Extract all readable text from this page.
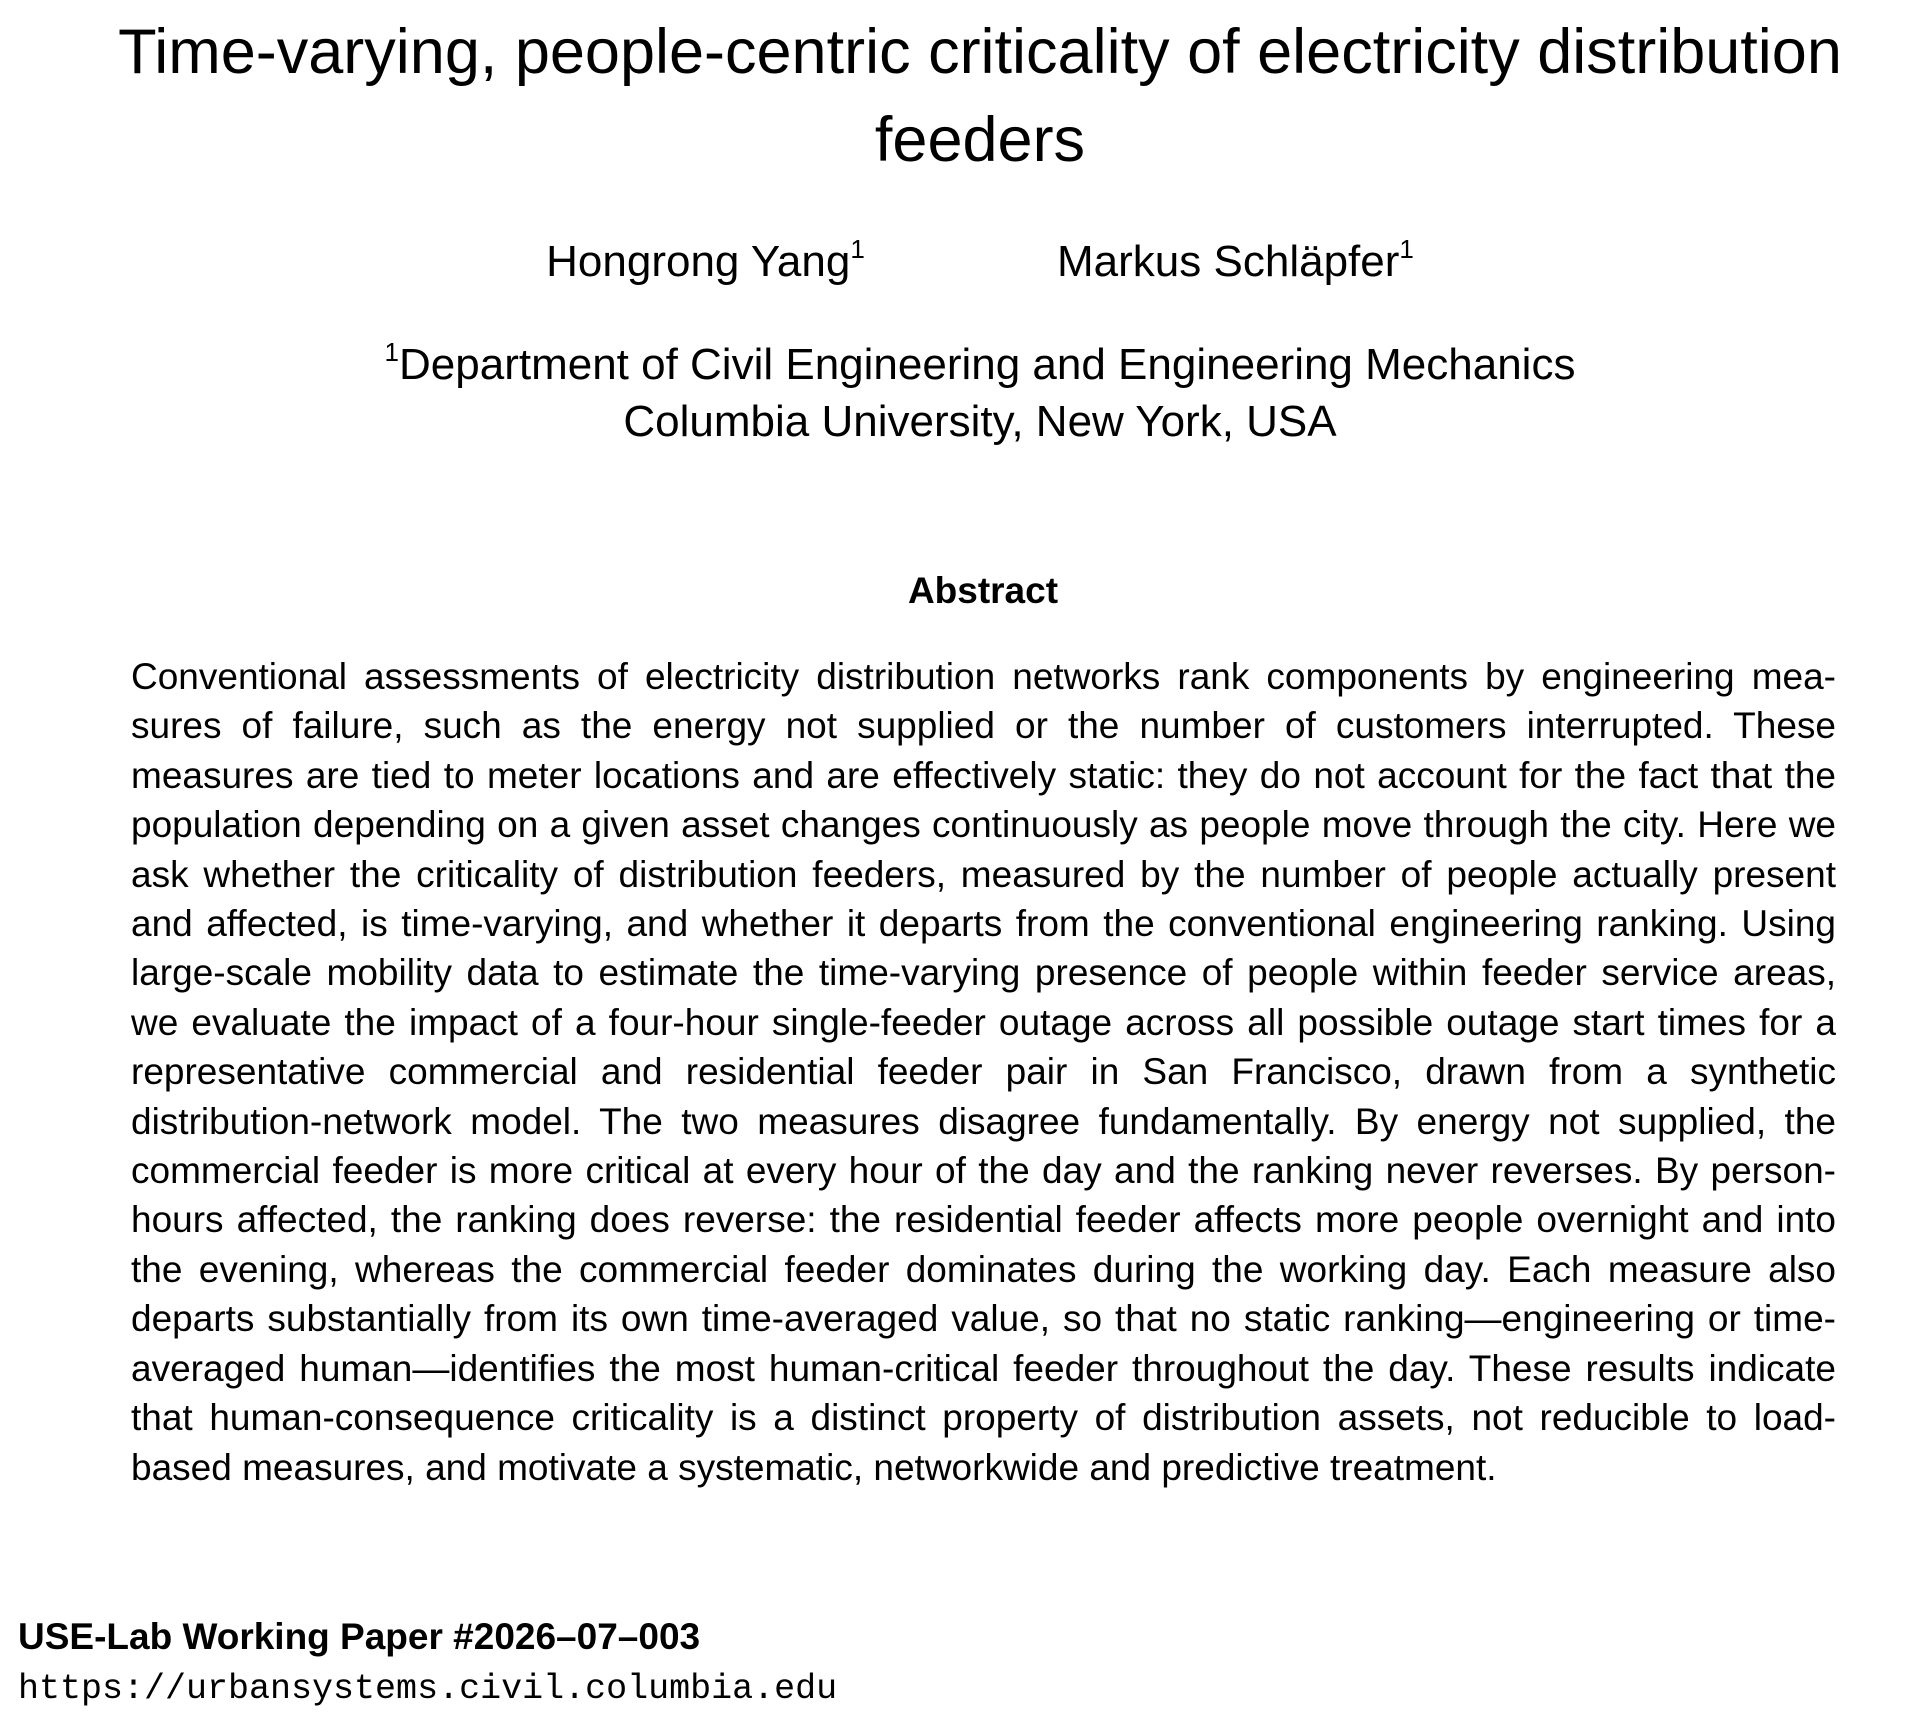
Time-varying, people-centric criticality of electricity distribution
feeders
Hongrong Yang$^1$	Markus Schläpfer$^1$
$^1$Department of Civil Engineering and Engineering Mechanics
Columbia University, New York, USA
Abstract

Conventional assessments of electricity distribution networks rank components by engineering measures of failure, such as the energy not supplied or the number of customers interrupted. These measures are tied to meter locations and are effectively static: they do not account for the fact that the population depending on a given asset changes continuously as people move through the city. Here we ask whether the criticality of distribution feeders, measured by the number of people actually present and affected, is time-varying, and whether it departs from the conventional engineering ranking. Using large-scale mobility data to estimate the time-varying presence of people within feeder service areas, we evaluate the impact of a four-hour single-feeder outage across all possible outage start times for a representative commercial and residential feeder pair in San Francisco, drawn from a synthetic distribution-network model. The two measures disagree fundamentally. By energy not supplied, the commercial feeder is more critical at every hour of the day and the ranking never reverses. By person-hours affected, the ranking does reverse: the residential feeder affects more people overnight and into the evening, whereas the commercial feeder dominates during the working day. Each measure also departs substantially from its own time-averaged value, so that no static ranking—engineering or time-averaged human—identifies the most human-critical feeder throughout the day. These results indicate that human-consequence criticality is a distinct property of distribution assets, not reducible to load-based measures, and motivate a systematic, networkwide and predictive treatment.

USE-Lab Working Paper #2026–07–003
https://urbansystems.civil.columbia.edu
